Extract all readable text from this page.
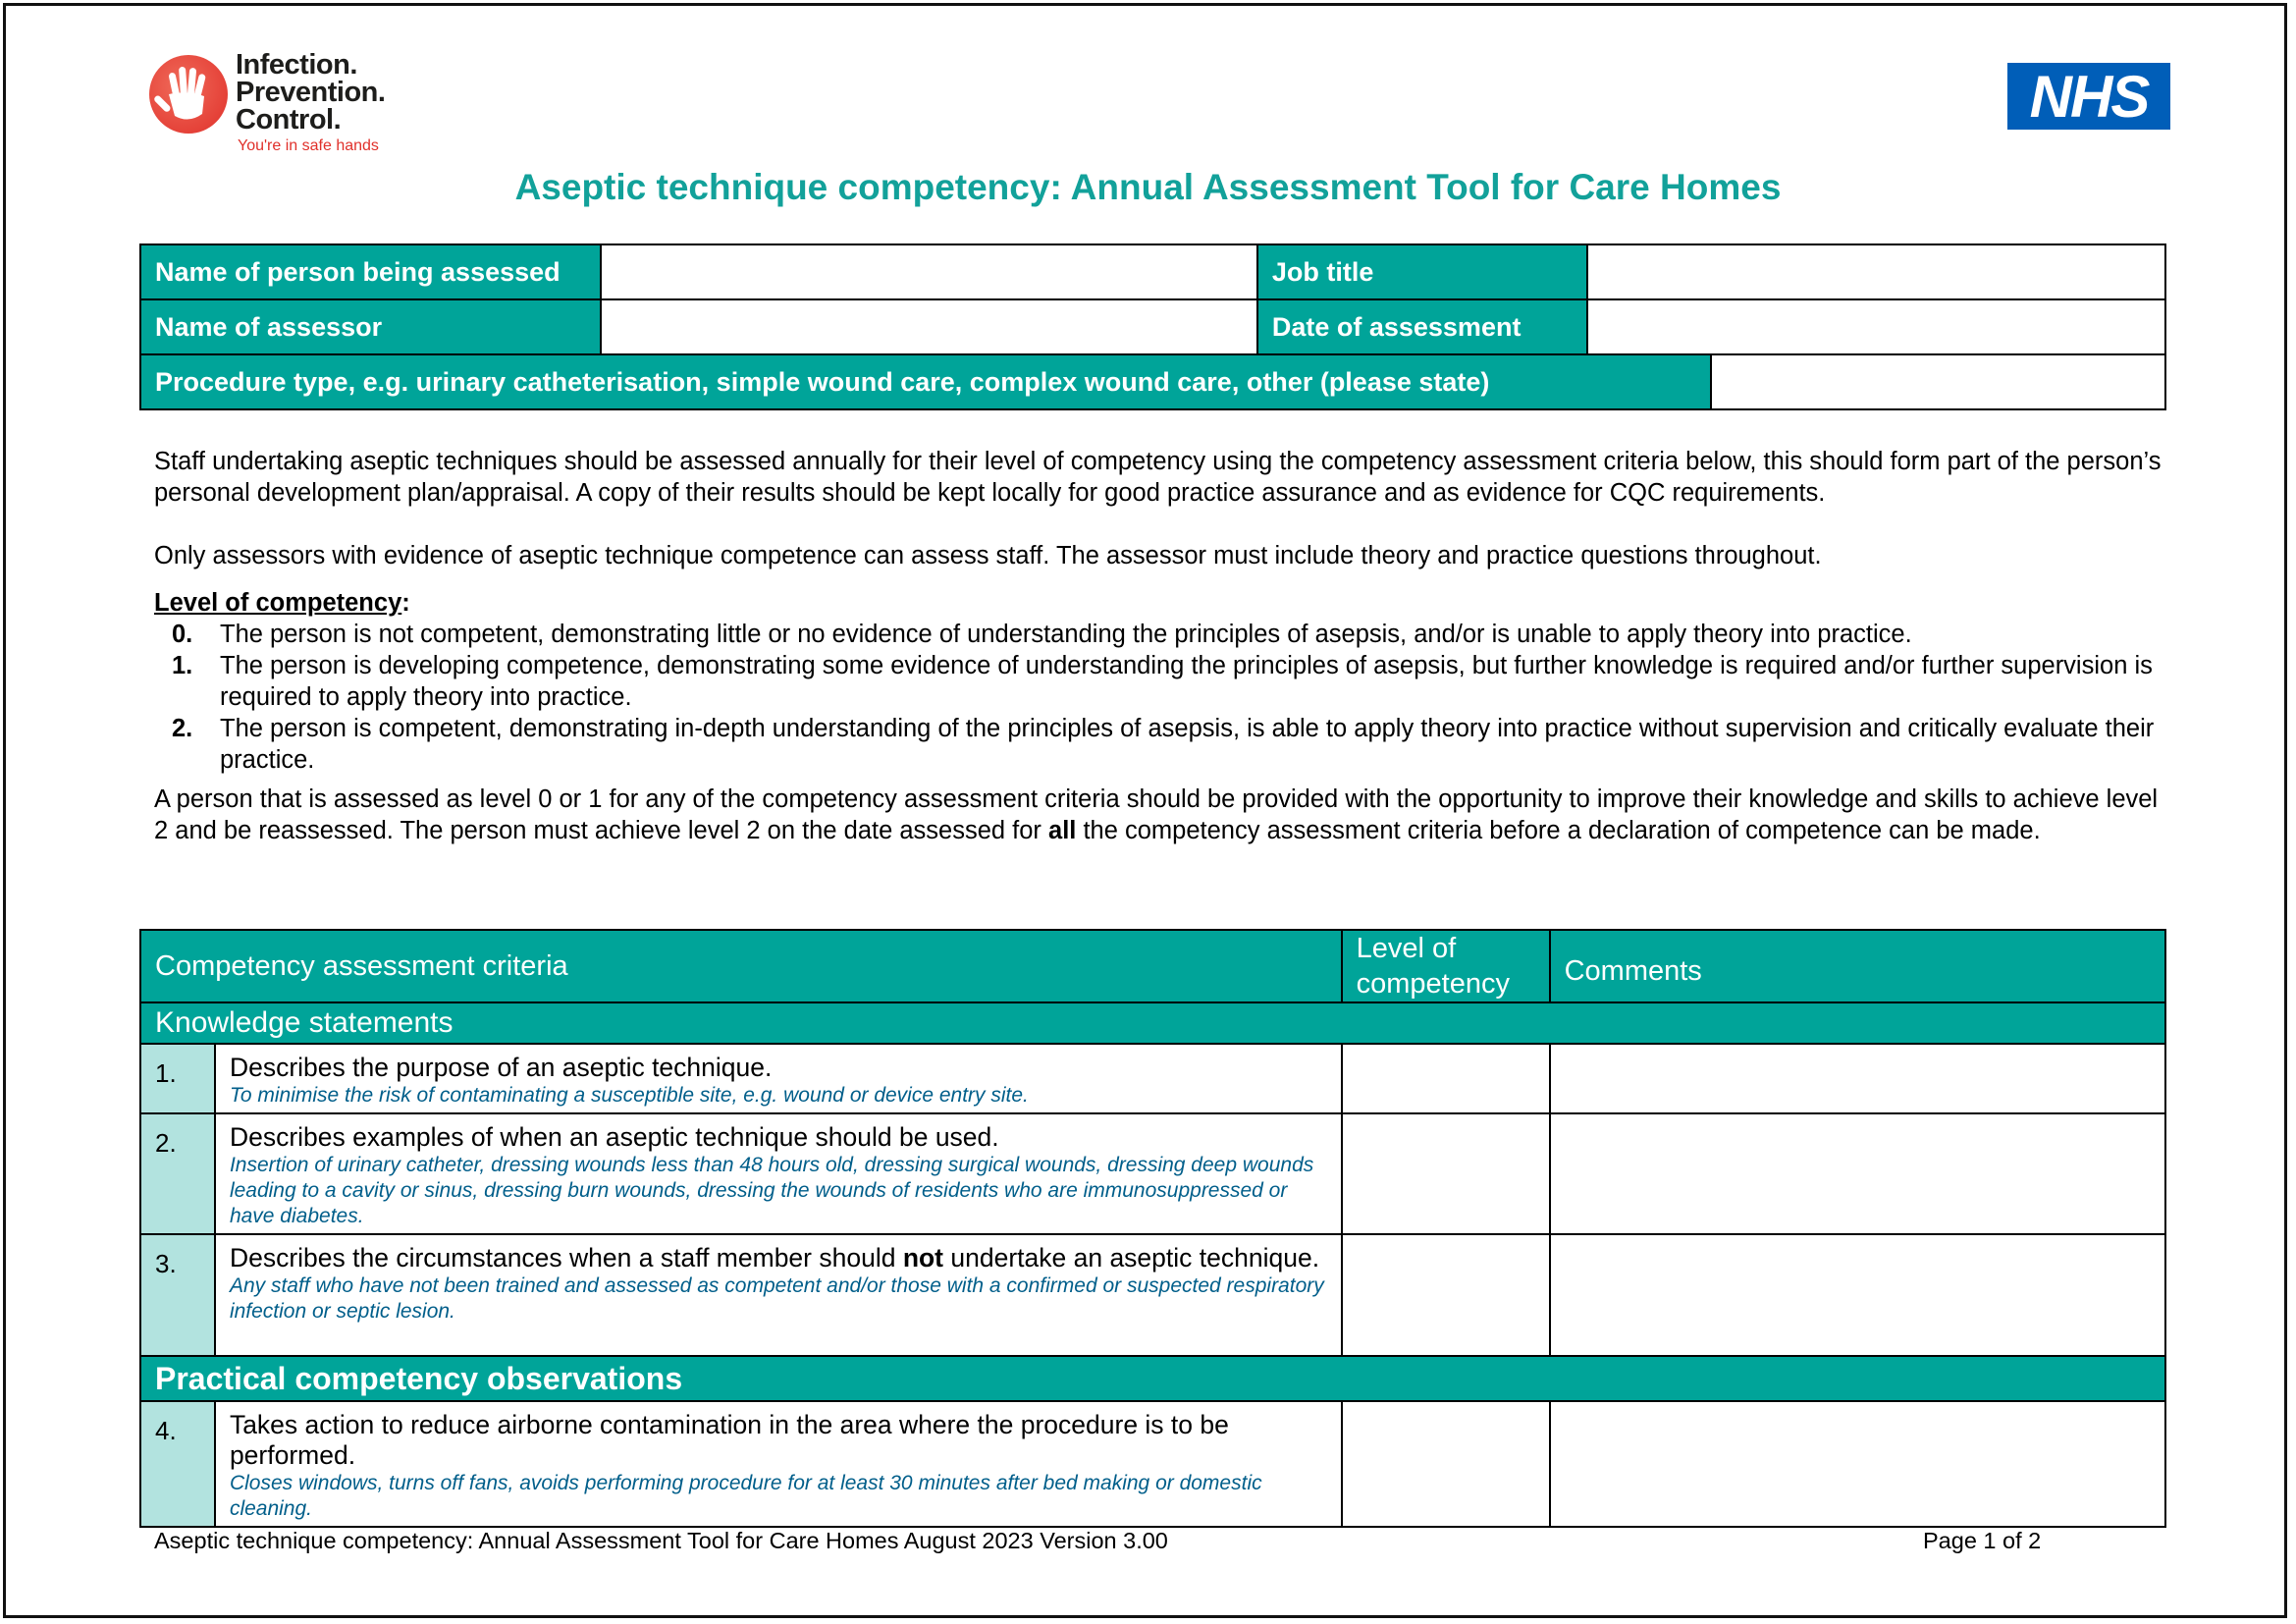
Infection.
Prevention.
Control.
You're in safe hands
NHS
Aseptic technique competency: Annual Assessment Tool for Care Homes
Name of person being assessed		Job title		
Name of assessor		Date of assessment		
Procedure type, e.g. urinary catheterisation, simple wound care, complex wound care, other (please state)				

Staff undertaking aseptic techniques should be assessed annually for their level of competency using the competency assessment criteria below, this should form part of the person’s personal development plan/appraisal. A copy of their results should be kept locally for good practice assurance and as evidence for CQC requirements.

Only assessors with evidence of aseptic technique competence can assess staff. The assessor must include theory and practice questions throughout.

Level of competency:

0. The person is not competent, demonstrating little or no evidence of understanding the principles of asepsis, and/or is unable to apply theory into practice.
1. The person is developing competence, demonstrating some evidence of understanding the principles of asepsis, but further knowledge is required and/or further supervision is required to apply theory into practice.
2. The person is competent, demonstrating in-depth understanding of the principles of asepsis, is able to apply theory into practice without supervision and critically evaluate their practice.

A person that is assessed as level 0 or 1 for any of the competency assessment criteria should be provided with the opportunity to improve their knowledge and skills to achieve level 2 and be reassessed. The person must achieve level 2 on the date assessed for all the competency assessment criteria before a declaration of competence can be made.

Competency assessment criteria		Level of competency	Comments
Knowledge statements			
1.	Describes the purpose of an aseptic technique.
To minimise the risk of contaminating a susceptible site, e.g. wound or device entry site.		

2.	Describes examples of when an aseptic technique should be used.
Insertion of urinary catheter, dressing wounds less than 48 hours old, dressing surgical wounds, dressing deep wounds leading to a cavity or sinus, dressing burn wounds, dressing the wounds of residents who are immunosuppressed or have diabetes.		

3.	Describes the circumstances when a staff member should not undertake an aseptic technique.
Any staff who have not been trained and assessed as competent and/or those with a confirmed or suspected respiratory infection or septic lesion.		

Practical competency observations			
4.	Takes action to reduce airborne contamination in the area where the procedure is to be performed.
Closes windows, turns off fans, avoids performing procedure for at least 30 minutes after bed making or domestic cleaning.		

Aseptic technique competency: Annual Assessment Tool for Care Homes August 2023 Version 3.00	Page 1 of 2
